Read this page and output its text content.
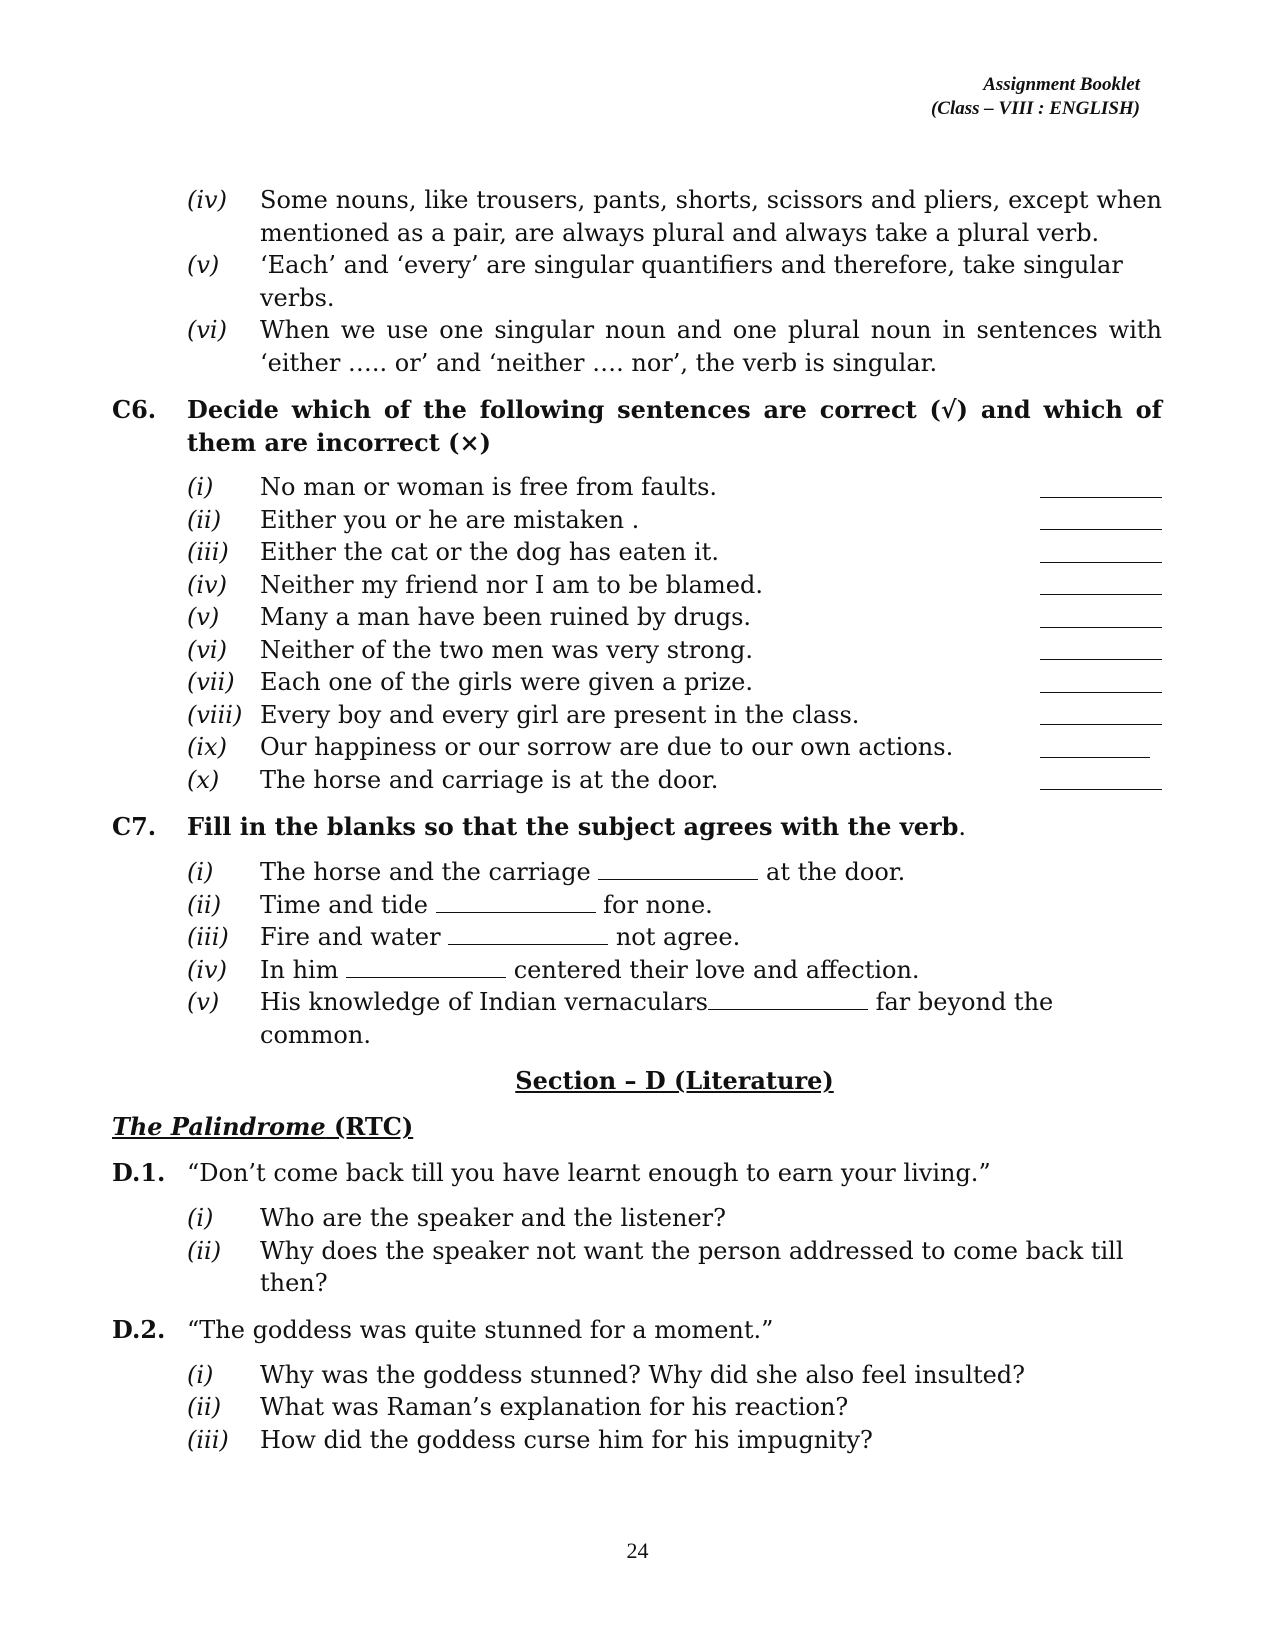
Assignment Booklet
(Class – VIII : ENGLISH)
(iv) Some nouns, like trousers, pants, shorts, scissors and pliers, except when mentioned as a pair, are always plural and always take a plural verb.
(v) ‘Each’ and ‘every’ are singular quantifiers and therefore, take singular verbs.
(vi) When we use one singular noun and one plural noun in sentences with ‘either ….. or’ and ‘neither …. nor’, the verb is singular.
C6. Decide which of the following sentences are correct (√) and which of them are incorrect (×)
(i) No man or woman is free from faults.
(ii) Either you or he are mistaken .
(iii) Either the cat or the dog has eaten it.
(iv) Neither my friend nor I am to be blamed.
(v) Many a man have been ruined by drugs.
(vi) Neither of the two men was very strong.
(vii) Each one of the girls were given a prize.
(viii) Every boy and every girl are present in the class.
(ix) Our happiness or our sorrow are due to our own actions.
(x) The horse and carriage is at the door.
C7. Fill in the blanks so that the subject agrees with the verb.
(i) The horse and the carriage	at the door.
(ii) Time and tide	for none.
(iii) Fire and water	not agree.
(iv) In him	centered their love and affection.
(v) His knowledge of Indian vernaculars	far beyond the common.
Section – D (Literature)
The Palindrome (RTC)
D.1. “Don’t come back till you have learnt enough to earn your living.”
(i) Who are the speaker and the listener?
(ii) Why does the speaker not want the person addressed to come back till then?
D.2. “The goddess was quite stunned for a moment.”
(i) Why was the goddess stunned? Why did she also feel insulted?
(ii) What was Raman’s explanation for his reaction?
(iii) How did the goddess curse him for his impugnity?
24
